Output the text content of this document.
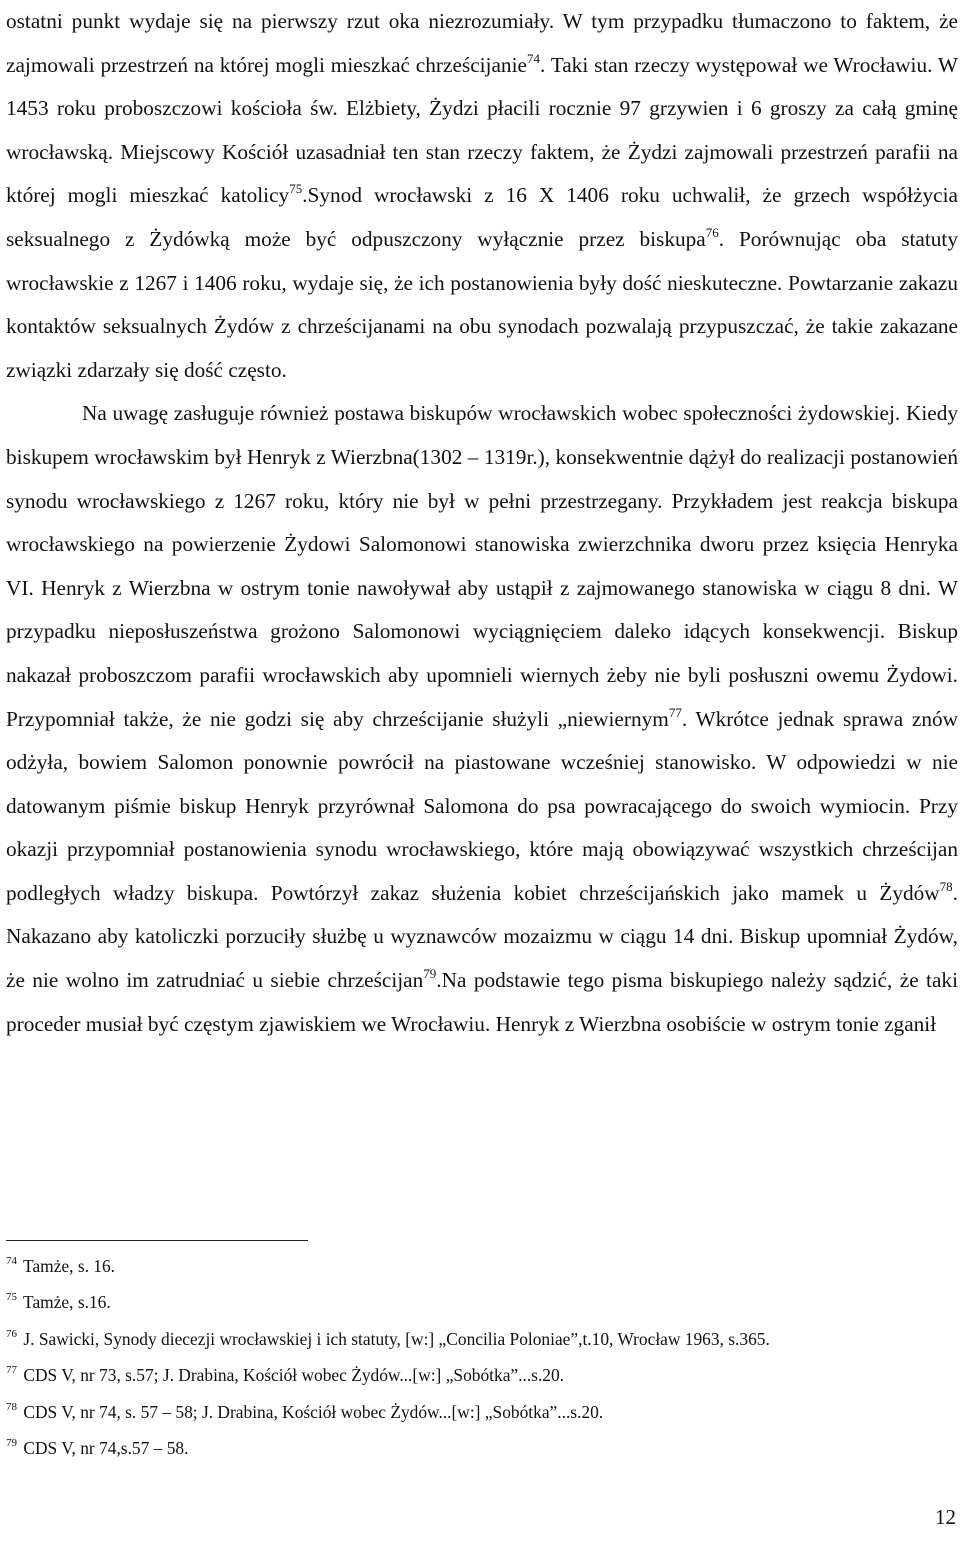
ostatni punkt wydaje się na pierwszy rzut oka niezrozumiały. W tym przypadku tłumaczono to faktem, że zajmowali przestrzeń na której mogli mieszkać chrześcijanie$^{74}$. Taki stan rzeczy występował we Wrocławiu. W 1453 roku proboszczowi kościoła św. Elżbiety, Żydzi płacili rocznie 97 grzywien i 6 groszy za całą gminę wrocławską. Miejscowy Kościół uzasadniał ten stan rzeczy faktem, że Żydzi zajmowali przestrzeń parafii na której mogli mieszkać katolicy$^{75}$.Synod wrocławski z 16 X 1406 roku uchwalił, że grzech współżycia seksualnego z Żydówką może być odpuszczony wyłącznie przez biskupa$^{76}$. Porównując oba statuty wrocławskie z 1267 i 1406 roku, wydaje się, że ich postanowienia były dość nieskuteczne. Powtarzanie zakazu kontaktów seksualnych Żydów z chrześcijanami na obu synodach pozwalają przypuszczać, że takie zakazane związki zdarzały się dość często.

Na uwagę zasługuje również postawa biskupów wrocławskich wobec społeczności żydowskiej. Kiedy biskupem wrocławskim był Henryk z Wierzbna(1302 – 1319r.), konsekwentnie dążył do realizacji postanowień synodu wrocławskiego z 1267 roku, który nie był w pełni przestrzegany. Przykładem jest reakcja biskupa wrocławskiego na powierzenie Żydowi Salomonowi stanowiska zwierzchnika dworu przez księcia Henryka VI. Henryk z Wierzbna w ostrym tonie nawoływał aby ustąpił z zajmowanego stanowiska w ciągu 8 dni. W przypadku nieposłuszeństwa grożono Salomonowi wyciągnięciem daleko idących konsekwencji. Biskup nakazał proboszczom parafii wrocławskich aby upomnieli wiernych żeby nie byli posłuszni owemu Żydowi. Przypomniał także, że nie godzi się aby chrześcijanie służyli „niewiernym$^{77}$. Wkrótce jednak sprawa znów odżyła, bowiem Salomon ponownie powrócił na piastowane wcześniej stanowisko. W odpowiedzi w nie datowanym piśmie biskup Henryk przyrównał Salomona do psa powracającego do swoich wymiocin. Przy okazji przypomniał postanowienia synodu wrocławskiego, które mają obowiązywać wszystkich chrześcijan podległych władzy biskupa. Powtórzył zakaz służenia kobiet chrześcijańskich jako mamek u Żydów$^{78}$. Nakazano aby katoliczki porzuciły służbę u wyznawców mozaizmu w ciągu 14 dni. Biskup upomniał Żydów, że nie wolno im zatrudniać u siebie chrześcijan$^{79}$.Na podstawie tego pisma biskupiego należy sądzić, że taki proceder musiał być częstym zjawiskiem we Wrocławiu. Henryk z Wierzbna osobiście w ostrym tonie zganił

$^{74}$ Tamże, s. 16.
$^{75}$ Tamże, s.16.
$^{76}$ J. Sawicki, Synody diecezji wrocławskiej i ich statuty, [w:] „Concilia Poloniae”,t.10, Wrocław 1963, s.365.
$^{77}$ CDS V, nr 73, s.57; J. Drabina, Kościół wobec Żydów...[w:] „Sobótka”...s.20.
$^{78}$ CDS V, nr 74, s. 57 – 58; J. Drabina, Kościół wobec Żydów...[w:] „Sobótka”...s.20.
$^{79}$ CDS V, nr 74,s.57 – 58.
12
